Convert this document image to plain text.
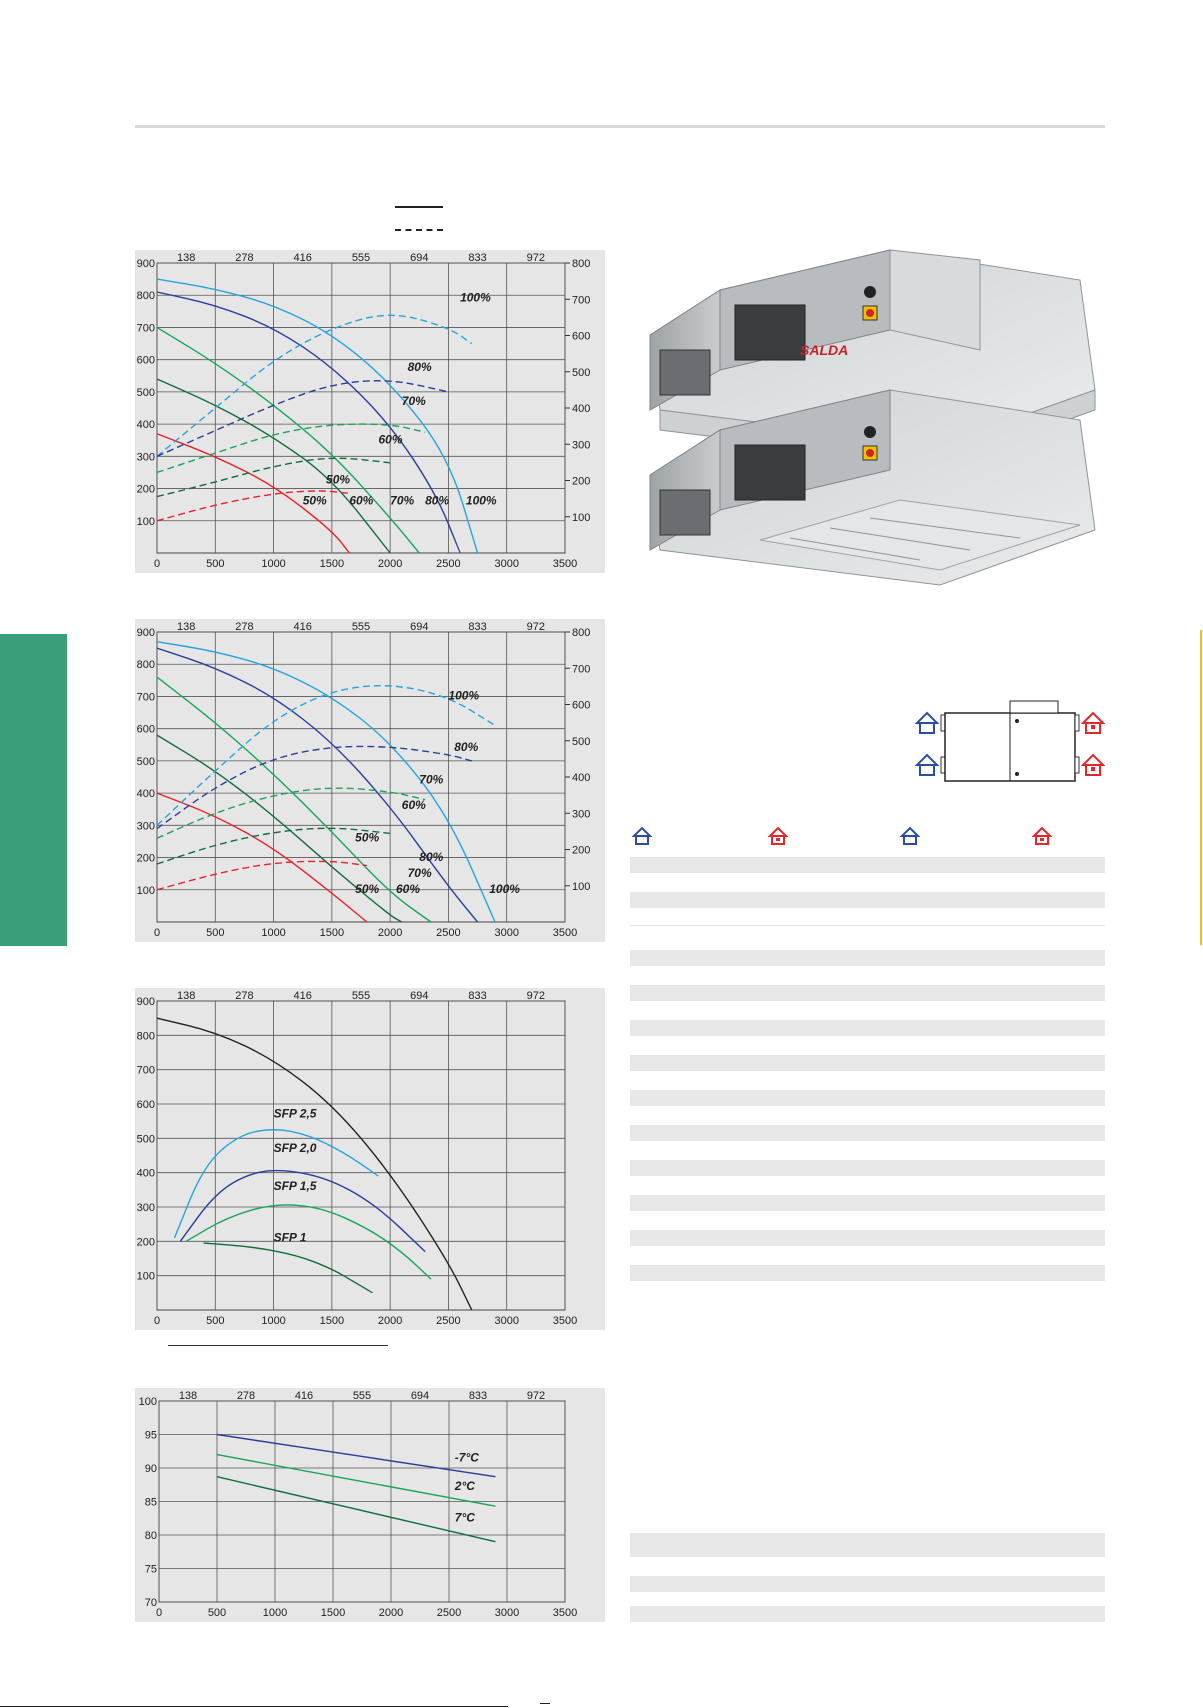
0	500	1000	1500	2000	2500	3000	3500
138	278	416	555	694	833	972
100
200
300
400
500
600
700
800
900
100
200
300
400
500
600
700
800
100%
80%
70%
60%
50%
50% 60% 70% 80% 100%
0	500	1000	1500	2000	2500	3000	3500
138	278	416	555	694	833	972
100
200
300
400
500
600
700
800
900
100
200
300
400
500
600
700
800
100%
80%
70%
60%
50%
80%
70%
50% 60%	100%
0	500	1000	1500	2000	2500	3000	3500
138	278	416	555	694	833	972
100
200
300
400
500
600
700
800
900
SFP 2,5
SFP 2,0
SFP 1,5
SFP 1
0	500	1000	1500	2000	2500	3000	3500
138	278	416	555	694	833	972
70
75
80
85
90
95
100
-7°C
2°C
7°C
SALDA
